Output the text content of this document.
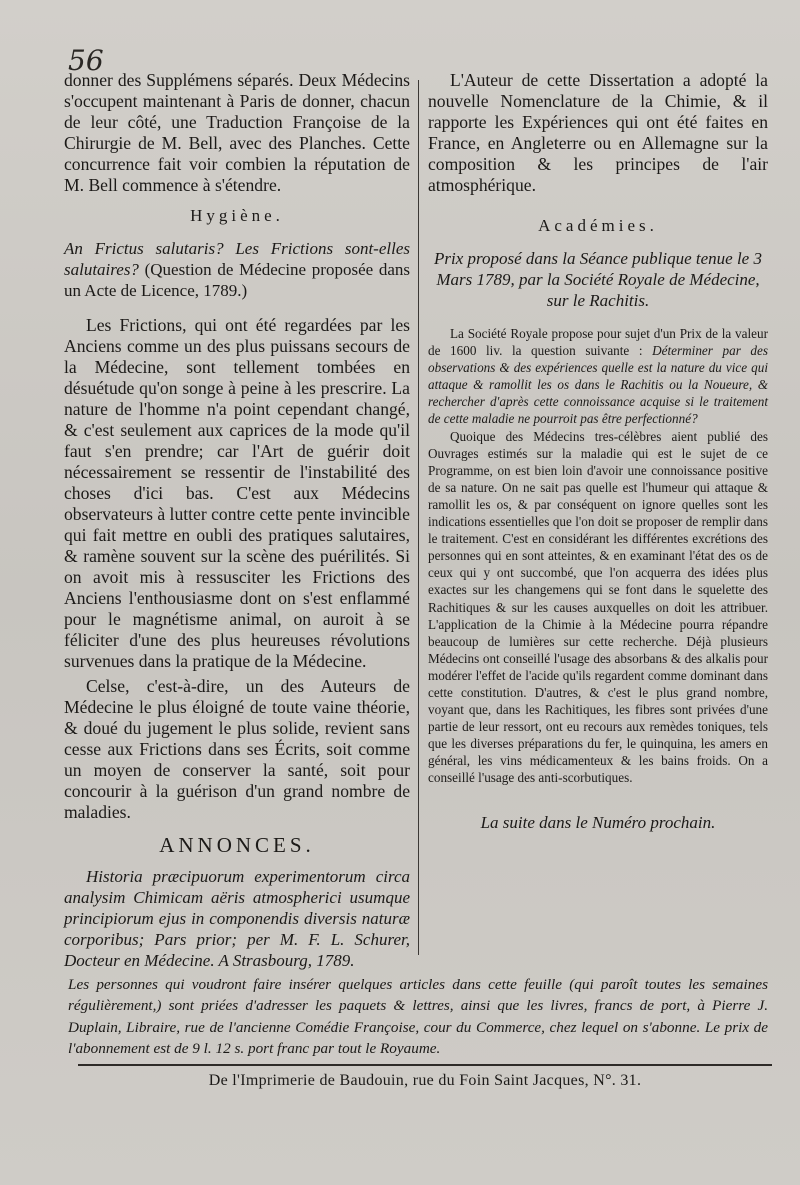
56

donner des Supplémens séparés. Deux Médecins s'occupent maintenant à Paris de donner, chacun de leur côté, une Traduction Françoise de la Chirurgie de M. Bell, avec des Planches. Cette concurrence fait voir combien la réputation de M. Bell commence à s'étendre.

Hygiène.

An Frictus salutaris? Les Frictions sont-elles salutaires? (Question de Médecine proposée dans un Acte de Licence, 1789.)

Les Frictions, qui ont été regardées par les Anciens comme un des plus puissans secours de la Médecine, sont tellement tombées en désuétude qu'on songe à peine à les prescrire. La nature de l'homme n'a point cependant changé, & c'est seulement aux caprices de la mode qu'il faut s'en prendre; car l'Art de guérir doit nécessairement se ressentir de l'instabilité des choses d'ici bas. C'est aux Médecins observateurs à lutter contre cette pente invincible qui fait mettre en oubli des pratiques salutaires, & ramène souvent sur la scène des puérilités. Si on avoit mis à ressusciter les Frictions des Anciens l'enthousiasme dont on s'est enflammé pour le magnétisme animal, on auroit à se féliciter d'une des plus heureuses révolutions survenues dans la pratique de la Médecine.

Celse, c'est-à-dire, un des Auteurs de Médecine le plus éloigné de toute vaine théorie, & doué du jugement le plus solide, revient sans cesse aux Frictions dans ses Écrits, soit comme un moyen de conserver la santé, soit pour concourir à la guérison d'un grand nombre de maladies.

ANNONCES.

Historia præcipuorum experimentorum circa analysim Chimicam aëris atmospherici usumque principiorum ejus in componendis diversis naturæ corporibus; Pars prior; per M. F. L. Schurer, Docteur en Médecine. A Strasbourg, 1789.

L'Auteur de cette Dissertation a adopté la nouvelle Nomenclature de la Chimie, & il rapporte les Expériences qui ont été faites en France, en Angleterre ou en Allemagne sur la composition & les principes de l'air atmosphérique.

Académies.

Prix proposé dans la Séance publique tenue le 3 Mars 1789, par la Société Royale de Médecine, sur le Rachitis.

La Société Royale propose pour sujet d'un Prix de la valeur de 1600 liv. la question suivante : Déterminer par des observations & des expériences quelle est la nature du vice qui attaque & ramollit les os dans le Rachitis ou la Noueure, & rechercher d'après cette connoissance acquise si le traitement de cette maladie ne pourroit pas être perfectionné?

Quoique des Médecins tres-célèbres aient publié des Ouvrages estimés sur la maladie qui est le sujet de ce Programme, on est bien loin d'avoir une connoissance positive de sa nature. On ne sait pas quelle est l'humeur qui attaque & ramollit les os, & par conséquent on ignore quelles sont les indications essentielles que l'on doit se proposer de remplir dans le traitement. C'est en considérant les différentes excrétions des personnes qui en sont atteintes, & en examinant l'état des os de ceux qui y ont succombé, que l'on acquerra des idées plus exactes sur les changemens qui se font dans le squelette des Rachitiques & sur les causes auxquelles on doit les attribuer. L'application de la Chimie à la Médecine pourra répandre beaucoup de lumières sur cette recherche. Déjà plusieurs Médecins ont conseillé l'usage des absorbans & des alkalis pour modérer l'effet de l'acide qu'ils regardent comme dominant dans cette constitution. D'autres, & c'est le plus grand nombre, voyant que, dans les Rachitiques, les fibres sont privées d'une partie de leur ressort, ont eu recours aux remèdes toniques, tels que les diverses préparations du fer, le quinquina, les amers en général, les vins médicamenteux & les bains froids. On a conseillé l'usage des anti-scorbutiques.

La suite dans le Numéro prochain.

Les personnes qui voudront faire insérer quelques articles dans cette feuille (qui paroît toutes les semaines régulièrement,) sont priées d'adresser les paquets & lettres, ainsi que les livres, francs de port, à Pierre J. Duplain, Libraire, rue de l'ancienne Comédie Françoise, cour du Commerce, chez lequel on s'abonne. Le prix de l'abonnement est de 9 l. 12 s. port franc par tout le Royaume.

De l'Imprimerie de Baudouin, rue du Foin Saint Jacques, N°. 31.
